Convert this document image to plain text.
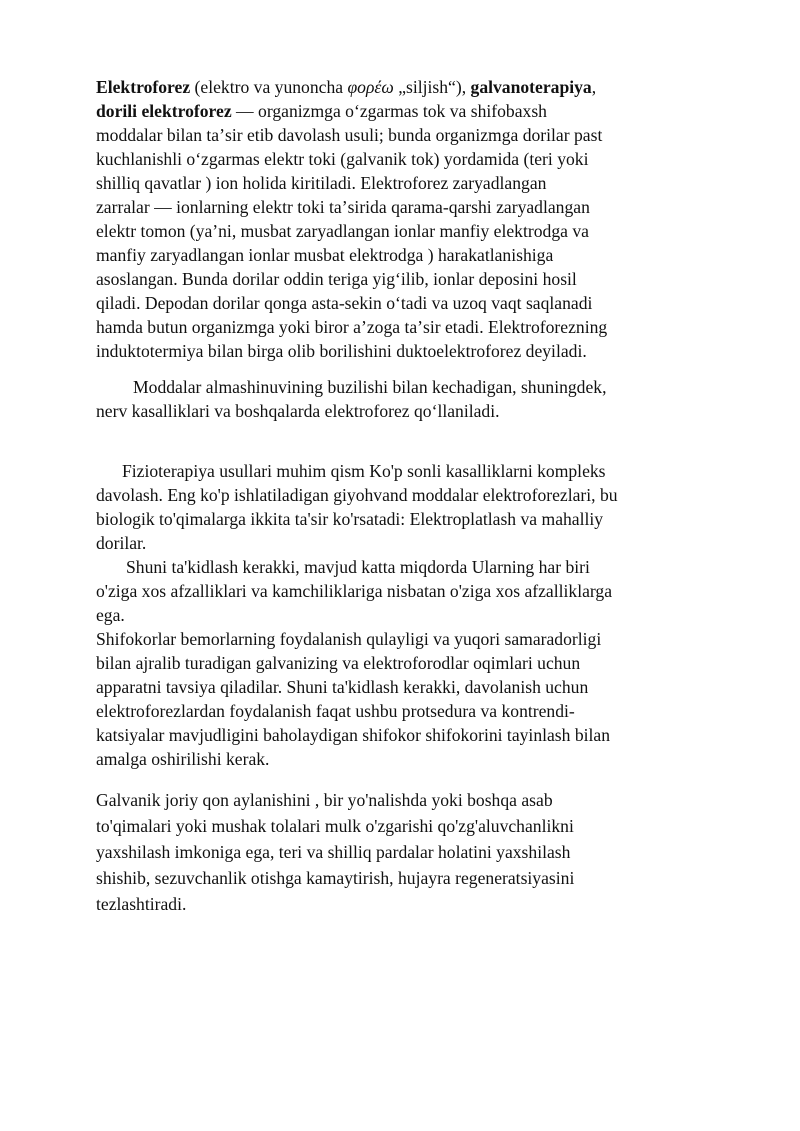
Elektroforez (elektro va yunoncha φορέω „siljish“), galvanoterapiya,
dorili elektroforez — organizmga oʻzgarmas tok va shifobaxsh
moddalar bilan taʼsir etib davolash usuli; bunda organizmga dorilar past
kuchlanishli oʻzgarmas elektr toki (galvanik tok) yordamida (teri yoki
shilliq qavatlar ) ion holida kiritiladi. Elektroforez zaryadlangan
zarralar — ionlarning elektr toki taʼsirida qarama-qarshi zaryadlangan
elektr tomon (yaʼni, musbat zaryadlangan ionlar manfiy elektrodga va
manfiy zaryadlangan ionlar musbat elektrodga ) harakatlanishiga
asoslangan. Bunda dorilar oddin teriga yigʻilib, ionlar deposini hosil
qiladi. Depodan dorilar qonga asta-sekin oʻtadi va uzoq vaqt saqlanadi
hamda butun organizmga yoki biror aʼzoga taʼsir etadi. Elektroforezning
induktotermiya bilan birga olib borilishini duktoelektroforez deyiladi.
Moddalar almashinuvining buzilishi bilan kechadigan, shuningdek,
nerv kasalliklari va boshqalarda elektroforez qoʻllaniladi.
Fizioterapiya usullari muhim qism Ko'p sonli kasalliklarni kompleks
davolash. Eng ko'p ishlatiladigan giyohvand moddalar elektroforezlari, bu
biologik to'qimalarga ikkita ta'sir ko'rsatadi: Elektroplatlash va mahalliy
dorilar.
Shuni ta'kidlash kerakki, mavjud katta miqdorda Ularning har biri
o'ziga xos afzalliklari va kamchiliklariga nisbatan o'ziga xos afzalliklarga
ega.
Shifokorlar bemorlarning foydalanish qulayligi va yuqori samaradorligi
bilan ajralib turadigan galvanizing va elektroforodlar oqimlari uchun
apparatni tavsiya qiladilar. Shuni ta'kidlash kerakki, davolanish uchun
elektroforezlardan foydalanish faqat ushbu protsedura va kontrendi-
katsiyalar mavjudligini baholaydigan shifokor shifokorini tayinlash bilan
amalga oshirilishi kerak.
Galvanik joriy qon aylanishini , bir yo'nalishda yoki boshqa asab
to'qimalari yoki mushak tolalari mulk o'zgarishi qo'zg'aluvchanlikni
yaxshilash imkoniga ega, teri va shilliq pardalar holatini yaxshilash
shishib, sezuvchanlik otishga kamaytirish, hujayra regeneratsiyasini
tezlashtiradi.
